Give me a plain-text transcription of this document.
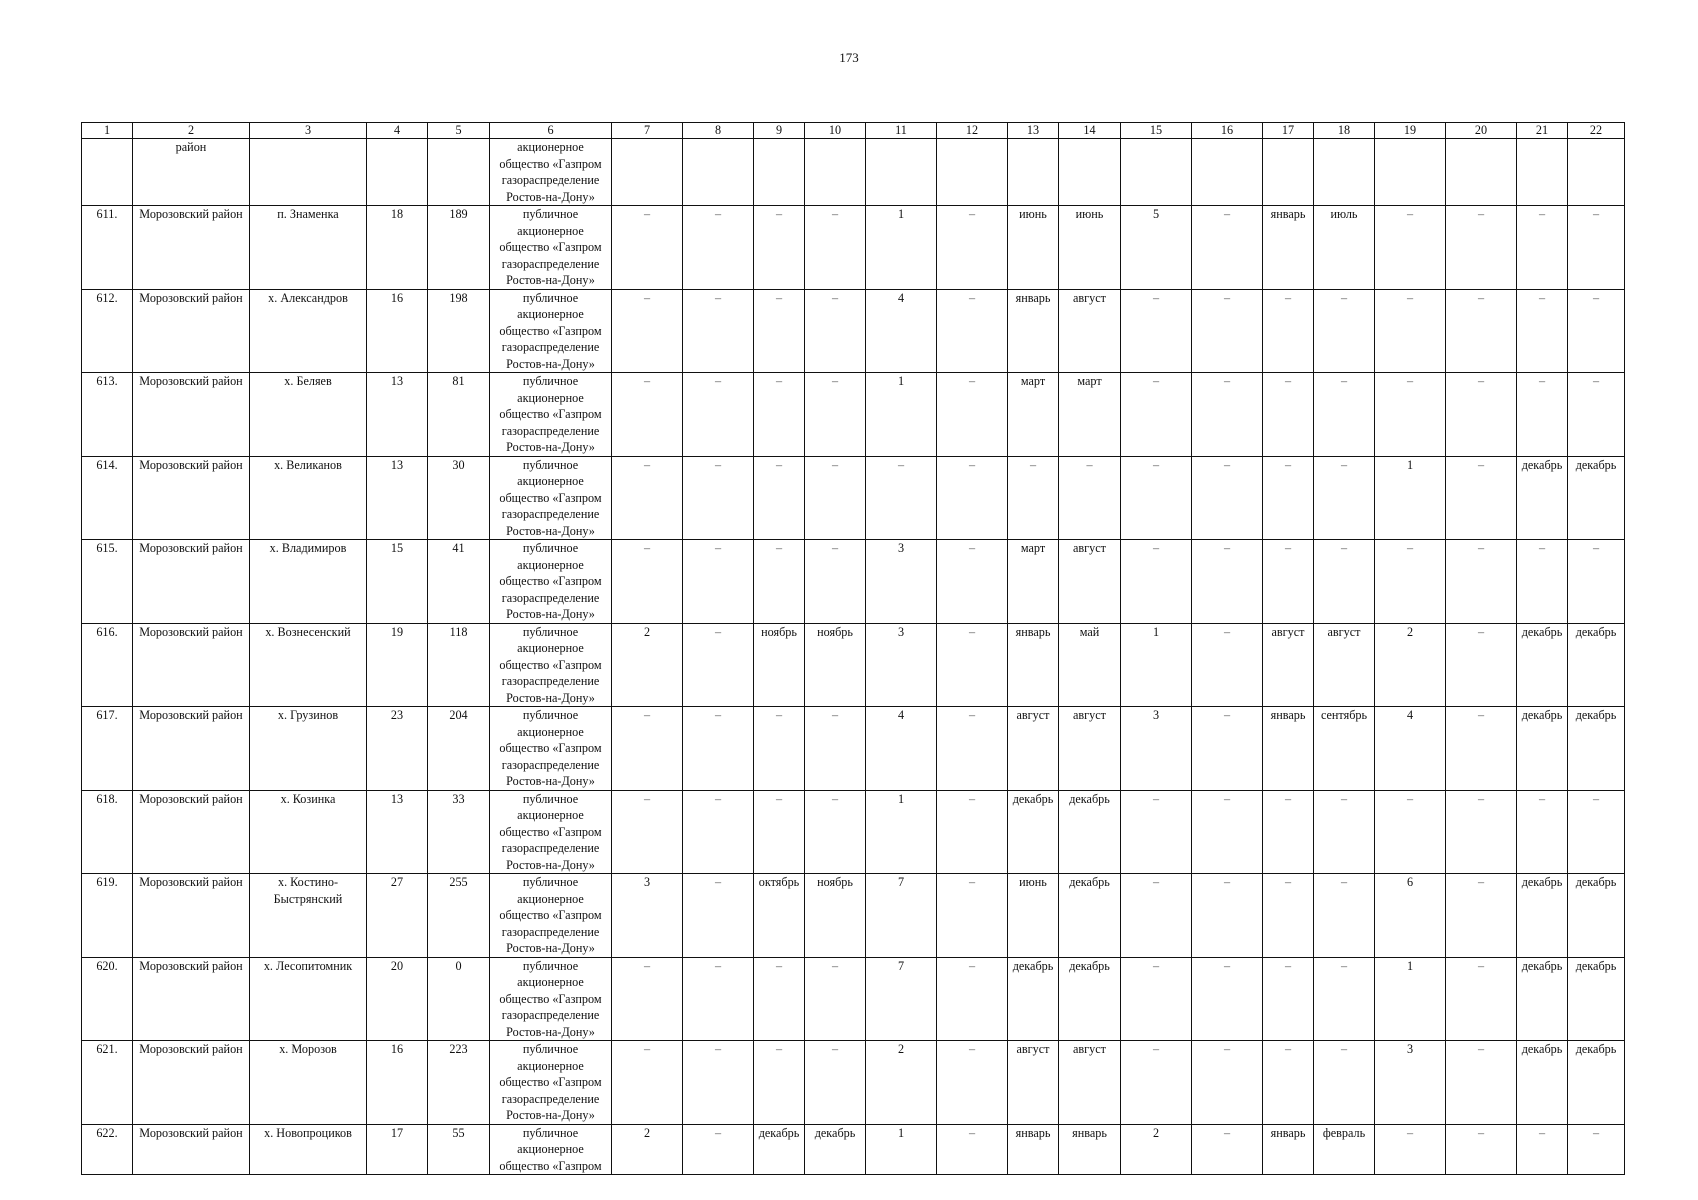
173
1	2	3	4	5	6	7	8	9	10	11	12	13	14	15	16	17	18	19	20	21	22
	район				акционерное общество «Газпром газораспределение Ростов-на-Дону»																
611.	Морозовский район	п. Знаменка	18	189	публичное акционерное общество «Газпром газораспределение Ростов-на-Дону»	–	–	–	–	1	–	июнь	июнь	5	–	январь	июль	–	–	–	–
612.	Морозовский район	х. Александров	16	198	публичное акционерное общество «Газпром газораспределение Ростов-на-Дону»	–	–	–	–	4	–	январь	август	–	–	–	–	–	–	–	–
613.	Морозовский район	х. Беляев	13	81	публичное акционерное общество «Газпром газораспределение Ростов-на-Дону»	–	–	–	–	1	–	март	март	–	–	–	–	–	–	–	–
614.	Морозовский район	х. Великанов	13	30	публичное акционерное общество «Газпром газораспределение Ростов-на-Дону»	–	–	–	–	–	–	–	–	–	–	–	–	1	–	декабрь	декабрь
615.	Морозовский район	х. Владимиров	15	41	публичное акционерное общество «Газпром газораспределение Ростов-на-Дону»	–	–	–	–	3	–	март	август	–	–	–	–	–	–	–	–
616.	Морозовский район	х. Вознесенский	19	118	публичное акционерное общество «Газпром газораспределение Ростов-на-Дону»	2	–	ноябрь	ноябрь	3	–	январь	май	1	–	август	август	2	–	декабрь	декабрь
617.	Морозовский район	х. Грузинов	23	204	публичное акционерное общество «Газпром газораспределение Ростов-на-Дону»	–	–	–	–	4	–	август	август	3	–	январь	сентябрь	4	–	декабрь	декабрь
618.	Морозовский район	х. Козинка	13	33	публичное акционерное общество «Газпром газораспределение Ростов-на-Дону»	–	–	–	–	1	–	декабрь	декабрь	–	–	–	–	–	–	–	–
619.	Морозовский район	х. Костино-Быстрянский	27	255	публичное акционерное общество «Газпром газораспределение Ростов-на-Дону»	3	–	октябрь	ноябрь	7	–	июнь	декабрь	–	–	–	–	6	–	декабрь	декабрь
620.	Морозовский район	х. Лесопитомник	20	0	публичное акционерное общество «Газпром газораспределение Ростов-на-Дону»	–	–	–	–	7	–	декабрь	декабрь	–	–	–	–	1	–	декабрь	декабрь
621.	Морозовский район	х. Морозов	16	223	публичное акционерное общество «Газпром газораспределение Ростов-на-Дону»	–	–	–	–	2	–	август	август	–	–	–	–	3	–	декабрь	декабрь
622.	Морозовский район	х. Новопроциков	17	55	публичное акционерное общество «Газпром	2	–	декабрь	декабрь	1	–	январь	январь	2	–	январь	февраль	–	–	–	–
